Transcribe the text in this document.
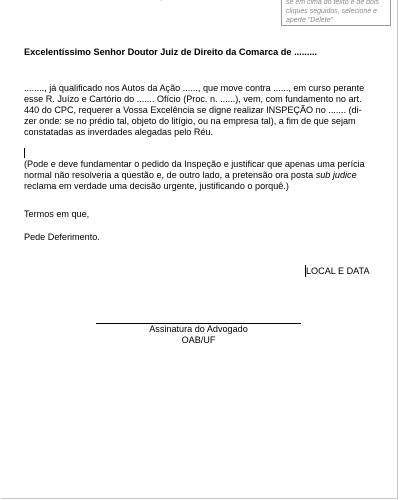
se em cima do texto e de dois
cliques seguidos, selecione e
aperte "Delete"
Excelentíssimo Senhor Doutor Juiz de Direito da Comarca de .........
........, já qualificado nos Autos da Ação ......, que move contra ......, em curso perante
esse R. Juízo e Cartório do ....... Ofício (Proc. n. ......), vem, com fundamento no art.
440 do CPC, requerer a Vossa Excelência se digne realizar INSPEÇÃO no ....... (di-
zer onde: se no prédio tal, objeto do litígio, ou na empresa tal), a fim de que sejam
constatadas as inverdades alegadas pelo Réu.
(Pode e deve fundamentar o pedido da Inspeção e justificar que apenas uma perícia
normal não resolveria a questão e, de outro lado, a pretensão ora posta sub judice
reclama em verdade uma decisão urgente, justificando o porquê.)
Termos em que,
Pede Deferimento.
LOCAL E DATA
Assinatura do Advogado
OAB/UF
